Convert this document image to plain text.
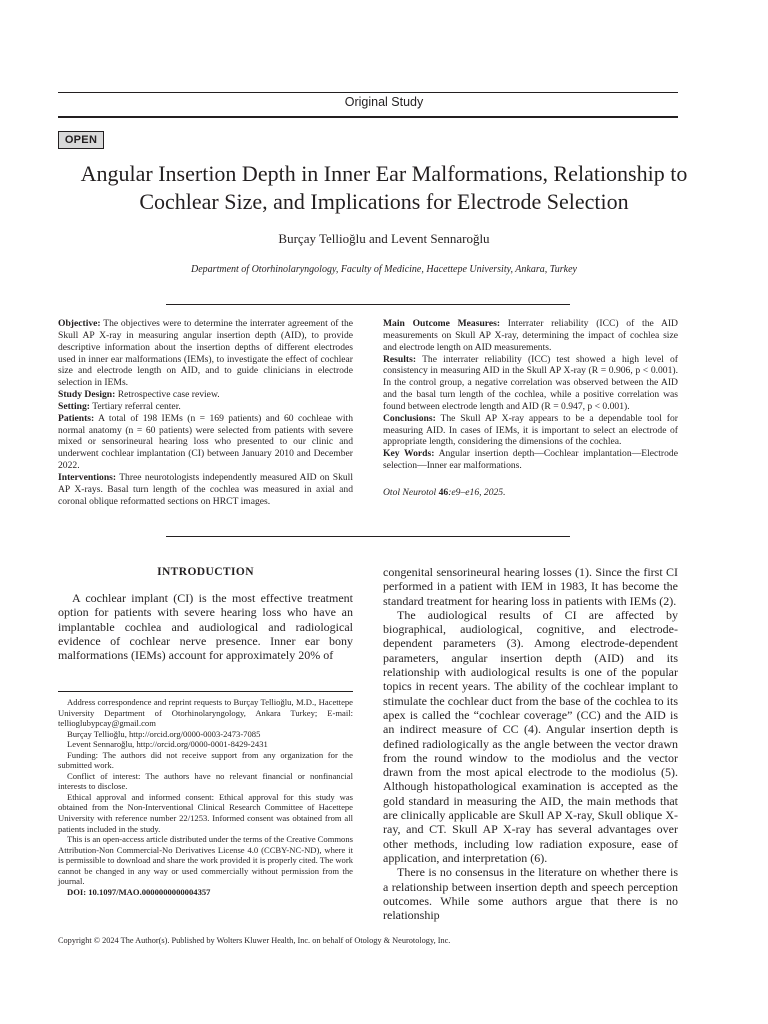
Original Study
OPEN
Angular Insertion Depth in Inner Ear Malformations, Relationship to
Cochlear Size, and Implications for Electrode Selection
Burçay Tellioğlu and Levent Sennaroğlu
Department of Otorhinolaryngology, Faculty of Medicine, Hacettepe University, Ankara, Turkey

Objective: The objectives were to determine the interrater agreement of the Skull AP X-ray in measuring angular insertion depth (AID), to provide descriptive information about the insertion depths of different electrodes used in inner ear malformations (IEMs), to investigate the effect of cochlear size and electrode length on AID, and to guide clinicians in electrode selection in IEMs.

Study Design: Retrospective case review.

Setting: Tertiary referral center.

Patients: A total of 198 IEMs (n = 169 patients) and 60 cochleae with normal anatomy (n = 60 patients) were selected from patients with severe mixed or sensorineural hearing loss who presented to our clinic and underwent cochlear implantation (CI) between January 2010 and December 2022.

Interventions: Three neurotologists independently measured AID on Skull AP X-rays. Basal turn length of the cochlea was measured in axial and coronal oblique reformatted sections on HRCT images.

Main Outcome Measures: Interrater reliability (ICC) of the AID measurements on Skull AP X-ray, determining the impact of cochlea size and electrode length on AID measurements.

Results: The interrater reliability (ICC) test showed a high level of consistency in measuring AID in the Skull AP X-ray (R = 0.906, p < 0.001). In the control group, a negative correlation was observed between the AID and the basal turn length of the cochlea, while a positive correlation was found between electrode length and AID (R = 0.947, p < 0.001).

Conclusions: The Skull AP X-ray appears to be a dependable tool for measuring AID. In cases of IEMs, it is important to select an electrode of appropriate length, considering the dimensions of the cochlea.

Key Words: Angular insertion depth—Cochlear implantation—Electrode selection—Inner ear malformations.

Otol Neurotol 46:e9–e16, 2025.

INTRODUCTION

A cochlear implant (CI) is the most effective treatment option for patients with severe hearing loss who have an implantable cochlea and audiological and radiological evidence of cochlear nerve presence. Inner ear bony malformations (IEMs) account for approximately 20% of

congenital sensorineural hearing losses (1). Since the first CI performed in a patient with IEM in 1983, It has become the standard treatment for hearing loss in patients with IEMs (2).

The audiological results of CI are affected by biographical, audiological, cognitive, and electrode-dependent parameters (3). Among electrode-dependent parameters, angular insertion depth (AID) and its relationship with audiological results is one of the popular topics in recent years. The ability of the cochlear implant to stimulate the cochlear duct from the base of the cochlea to its apex is called the “cochlear coverage” (CC) and the AID is an indirect measure of CC (4). Angular insertion depth is defined radiologically as the angle between the vector drawn from the round window to the modiolus and the vector drawn from the most apical electrode to the modiolus (5). Although histopathological examination is accepted as the gold standard in measuring the AID, the main methods that are clinically applicable are Skull AP X-ray, Skull oblique X-ray, and CT. Skull AP X-ray has several advantages over other methods, including low radiation exposure, ease of application, and interpretation (6).

There is no consensus in the literature on whether there is a relationship between insertion depth and speech perception outcomes. While some authors argue that there is no relationship

Address correspondence and reprint requests to Burçay Tellioğlu, M.D., Hacettepe University Department of Otorhinolaryngology, Ankara Turkey; E-mail: tellioglubурcay@gmail.com

Burçay Tellioğlu, http://orcid.org/0000-0003-2473-7085

Levent Sennaroğlu, http://orcid.org/0000-0001-8429-2431

Funding: The authors did not receive support from any organization for the submitted work.

Conflict of interest: The authors have no relevant financial or nonfinancial interests to disclose.

Ethical approval and informed consent: Ethical approval for this study was obtained from the Non-Interventional Clinical Research Committee of Hacettepe University with reference number 22/1253. Informed consent was obtained from all patients included in the study.

This is an open-access article distributed under the terms of the Creative Commons Attribution-Non Commercial-No Derivatives License 4.0 (CCBY-NC-ND), where it is permissible to download and share the work provided it is properly cited. The work cannot be changed in any way or used commercially without permission from the journal.

DOI: 10.1097/MAO.0000000000004357

Copyright © 2024 The Author(s). Published by Wolters Kluwer Health, Inc. on behalf of Otology & Neurotology, Inc.
